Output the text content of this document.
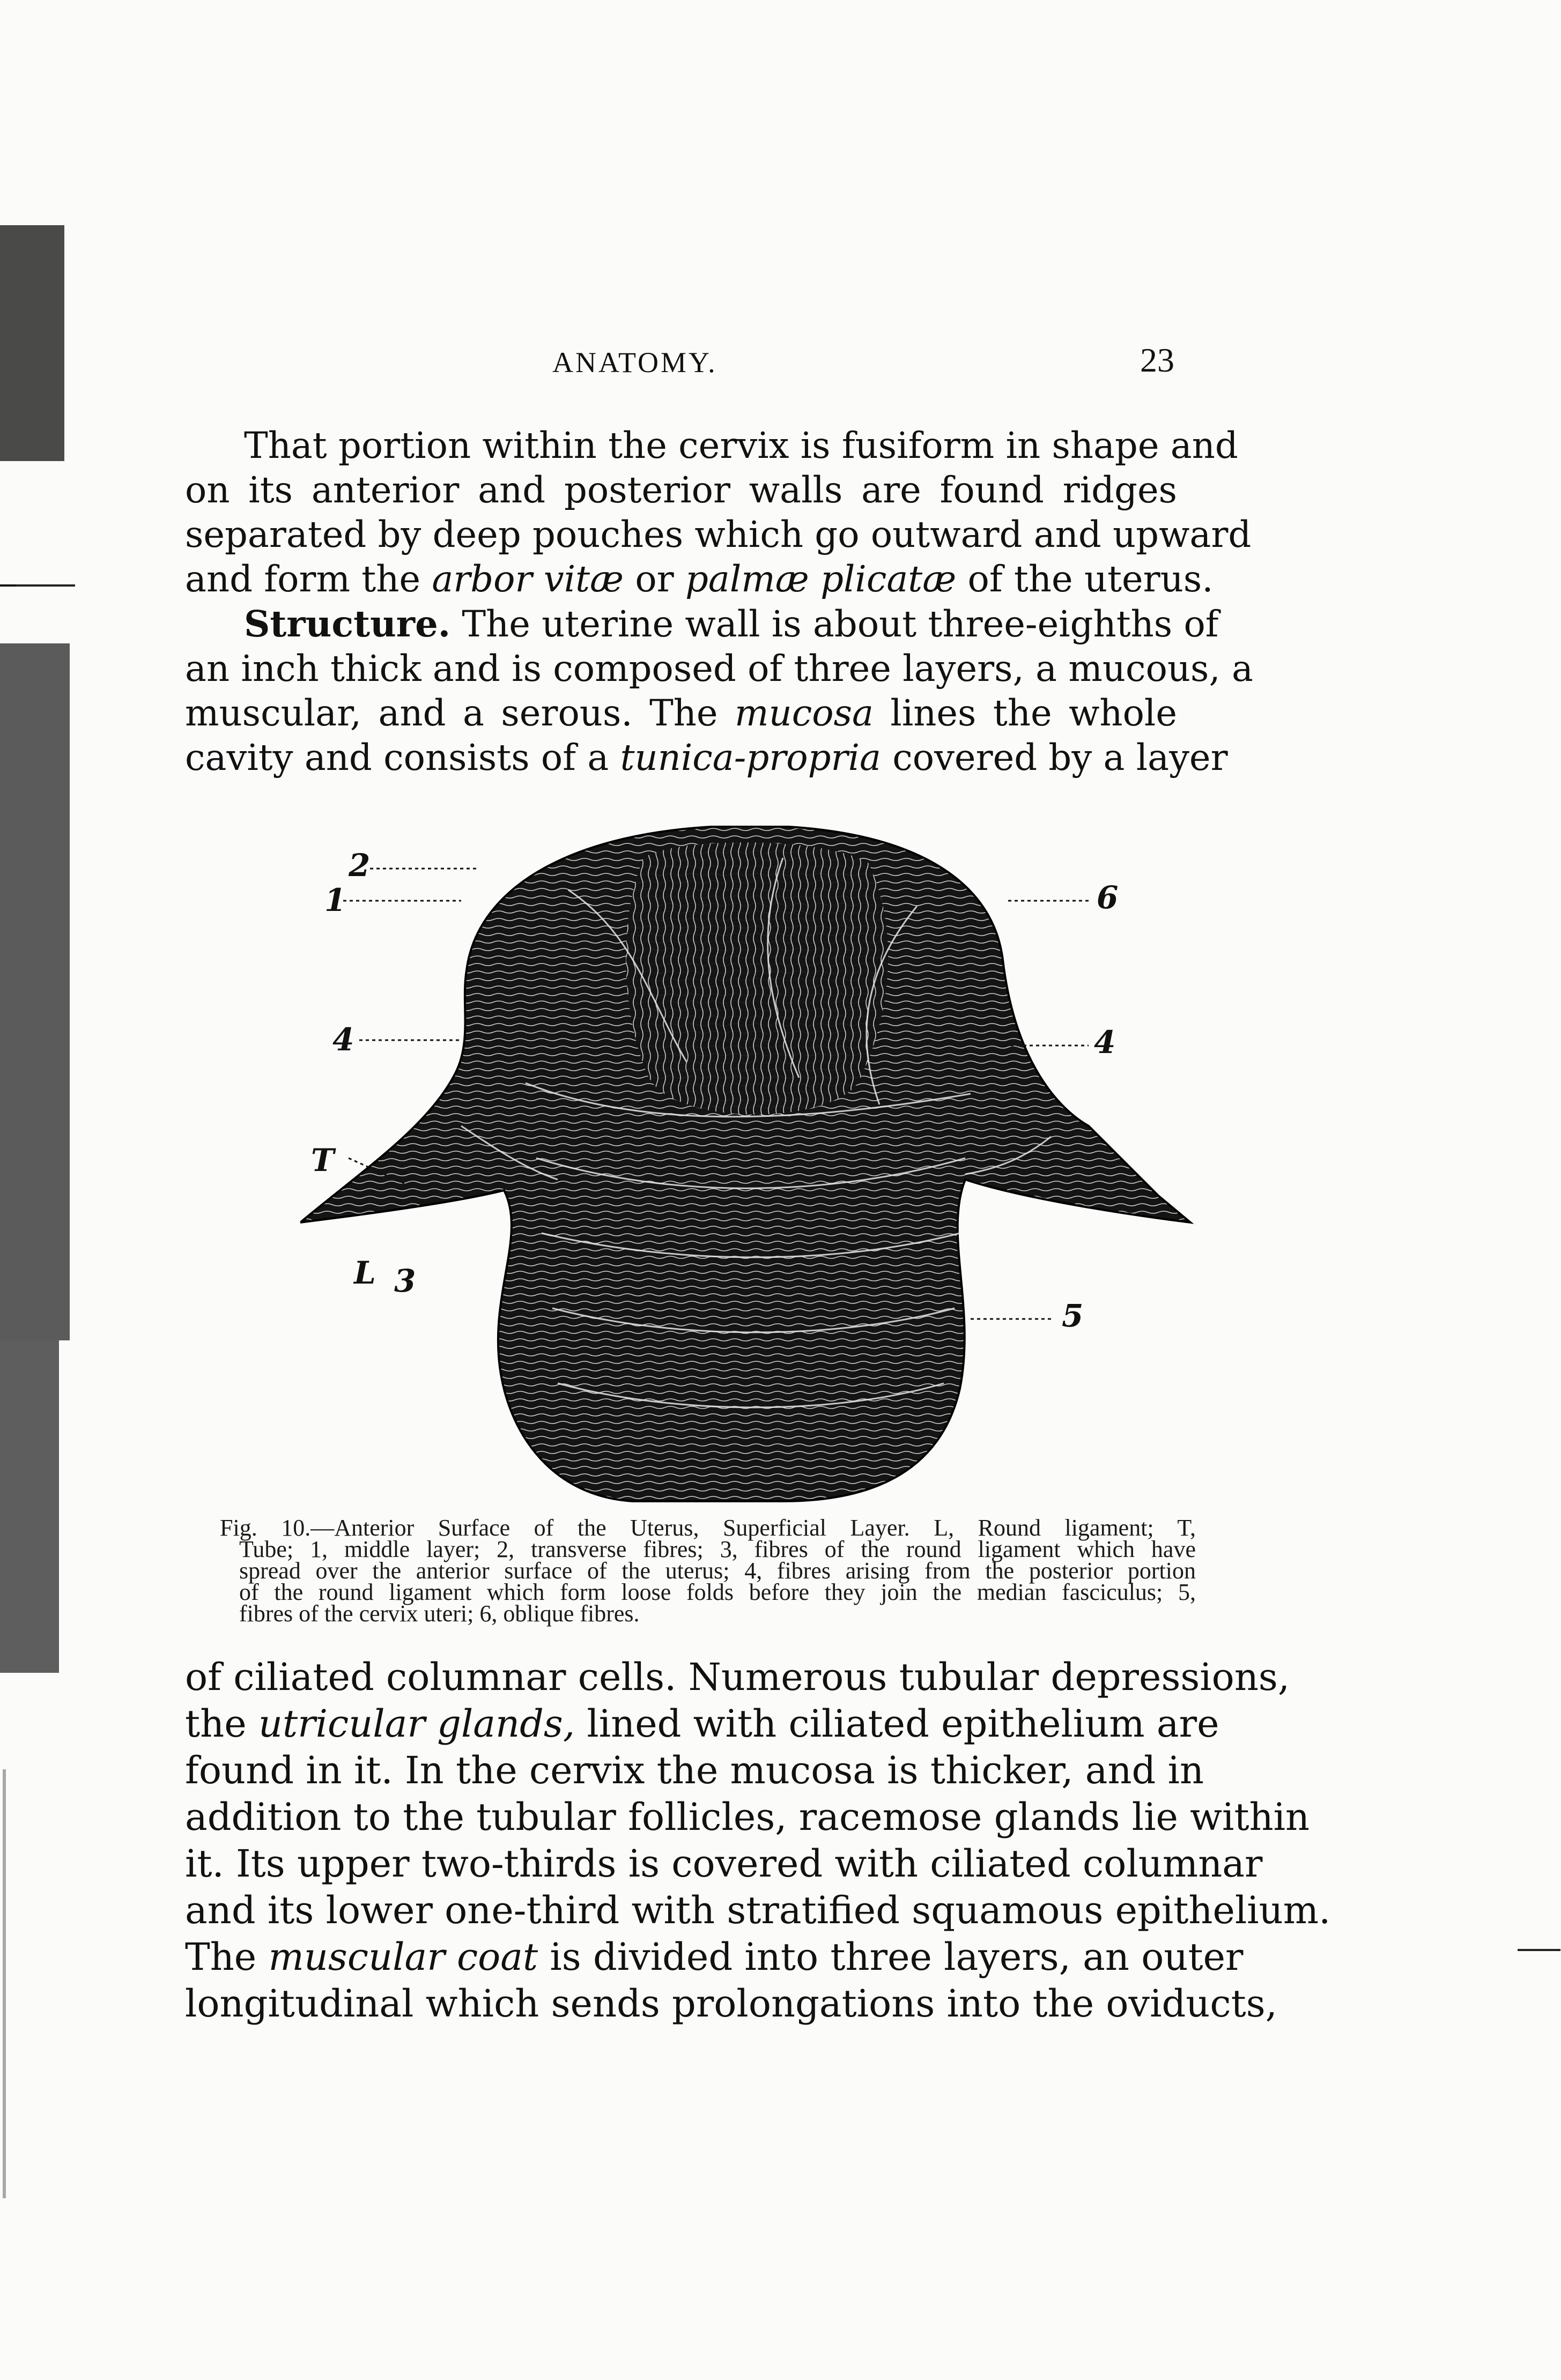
ANATOMY.	23
That portion within the cervix is fusiform in shape and
on its anterior and posterior walls are found ridges
separated by deep pouches which go outward and upward
and form the arbor vitæ or palmæ plicatæ of the uterus.
Structure. The uterine wall is about three-eighths of
an inch thick and is composed of three layers, a mucous, a
muscular, and a serous. The mucosa lines the whole
cavity and consists of a tunica-propria covered by a layer
2
1	6
4	4
T
L 3
5
Fig. 10.—Anterior Surface of the Uterus, Superficial Layer. L, Round ligament; T,
Tube; 1, middle layer; 2, transverse fibres; 3, fibres of the round ligament which have
spread over the anterior surface of the uterus; 4, fibres arising from the posterior portion
of the round ligament which form loose folds before they join the median fasciculus; 5,
fibres of the cervix uteri; 6, oblique fibres.
of ciliated columnar cells. Numerous tubular depressions,
the utricular glands, lined with ciliated epithelium are
found in it. In the cervix the mucosa is thicker, and in
addition to the tubular follicles, racemose glands lie within
it. Its upper two-thirds is covered with ciliated columnar
and its lower one-third with stratified squamous epithelium.
The muscular coat is divided into three layers, an outer
longitudinal which sends prolongations into the oviducts,
